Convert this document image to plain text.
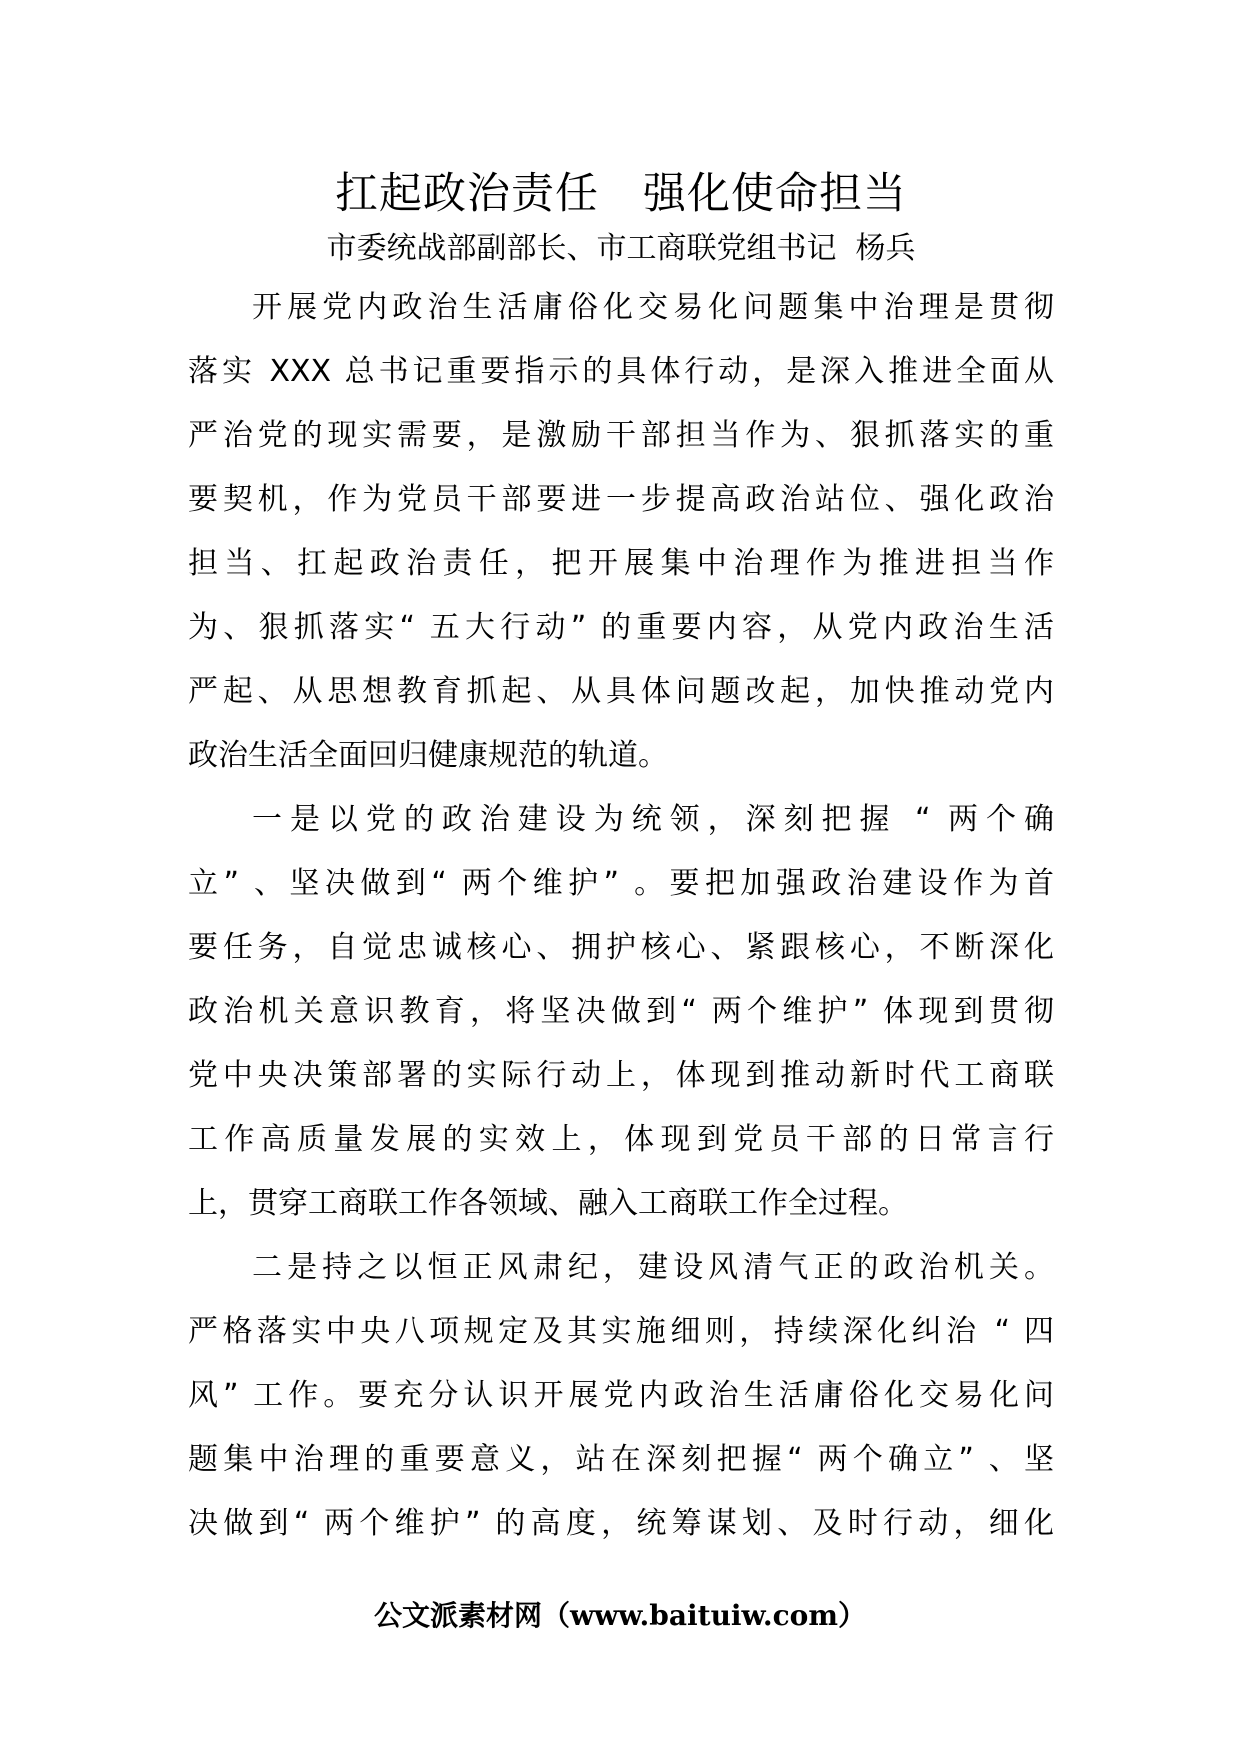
扛起政治责任　强化使命担当
市委统战部副部长、市工商联党组书记  杨兵
开展党内政治生活庸俗化交易化问题集中治理是贯彻
落实 XXX 总书记重要指示的具体行动，是深入推进全面从
严治党的现实需要，是激励干部担当作为、狠抓落实的重
要契机，作为党员干部要进一步提高政治站位、强化政治
担当、扛起政治责任，把开展集中治理作为推进担当作
为、狠抓落实“ 五大行动” 的重要内容，从党内政治生活
严起、从思想教育抓起、从具体问题改起，加快推动党内
政治生活全面回归健康规范的轨道。
一是以党的政治建设为统领，深刻把握 “ 两个确
立” 、坚决做到“ 两个维护” 。要把加强政治建设作为首
要任务，自觉忠诚核心、拥护核心、紧跟核心，不断深化
政治机关意识教育，将坚决做到“ 两个维护” 体现到贯彻
党中央决策部署的实际行动上，体现到推动新时代工商联
工作高质量发展的实效上，体现到党员干部的日常言行
上，贯穿工商联工作各领域、融入工商联工作全过程。
二是持之以恒正风肃纪，建设风清气正的政治机关。
严格落实中央八项规定及其实施细则，持续深化纠治 “ 四
风” 工作。要充分认识开展党内政治生活庸俗化交易化问
题集中治理的重要意义，站在深刻把握“ 两个确立” 、坚
决做到“ 两个维护” 的高度，统筹谋划、及时行动，细化
公文派素材网（www.baituiw.com）
